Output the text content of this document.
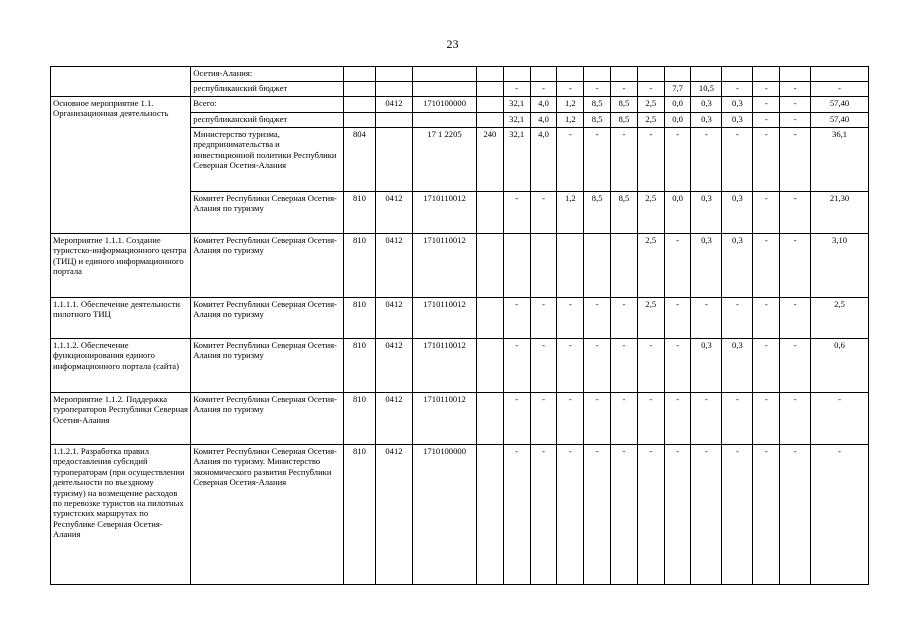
23
	Осетия-Алания:																
	республиканский бюджет					-	-	-	-	-	-	7,7	10,5	-	-	-	-
Основное мероприятие 1.1. Организационная деятельность	Всего:		0412	1710100000		32,1	4,0	1,2	8,5	8,5	2,5	0,0	0,3	0,3	-	-	57,40
	республиканский бюджет					32,1	4,0	1,2	8,5	8,5	2,5	0,0	0,3	0,3	-	-	57,40
	Министерство туризма, предпринимательства и инвестиционной политики Республики Северная Осетия-Алания	804		17 1 2205	240	32,1	4,0	-	-	-	-	-	-	-	-	-	36,1
	Комитет Республики Северная Осетия-Алания по туризму	810	0412	1710110012		-	-	1,2	8,5	8,5	2,5	0,0	0,3	0,3	-	-	21,30
Мероприятие 1.1.1. Создание туристско-информационного центра (ТИЦ) и единого информационного портала	Комитет Республики Северная Осетия-Алания по туризму	810	0412	1710110012							2,5	-	0,3	0,3	-	-	3,10
1.1.1.1. Обеспечение деятельности пилотного ТИЦ	Комитет Республики Северная Осетия-Алания по туризму	810	0412	1710110012		-	-	-	-	-	2,5	-	-	-	-	-	2,5
1.1.1.2. Обеспечение функционирования единого информационного портала (сайта)	Комитет Республики Северная Осетия-Алания по туризму	810	0412	1710110012		-	-	-	-	-	-	-	0,3	0,3	-	-	0,6
Мероприятие 1.1.2. Поддержка туроператоров Республики Северная Осетия-Алания	Комитет Республики Северная Осетия-Алания по туризму	810	0412	1710110012		-	-	-	-	-	-	-	-	-	-	-	-
1.1.2.1. Разработка правил предоставления субсидий туроператорам (при осуществлении деятельности по въездному туризму) на возмещение расходов по перевозке туристов на пилотных туристских маршрутах по Республике Северная Осетия-Алания	Комитет Республики Северная Осетия-Алания по туризму. Министерство экономического развития Республики Северная Осетия-Алания	810	0412	1710100000		-	-	-	-	-	-	-	-	-	-	-	-
